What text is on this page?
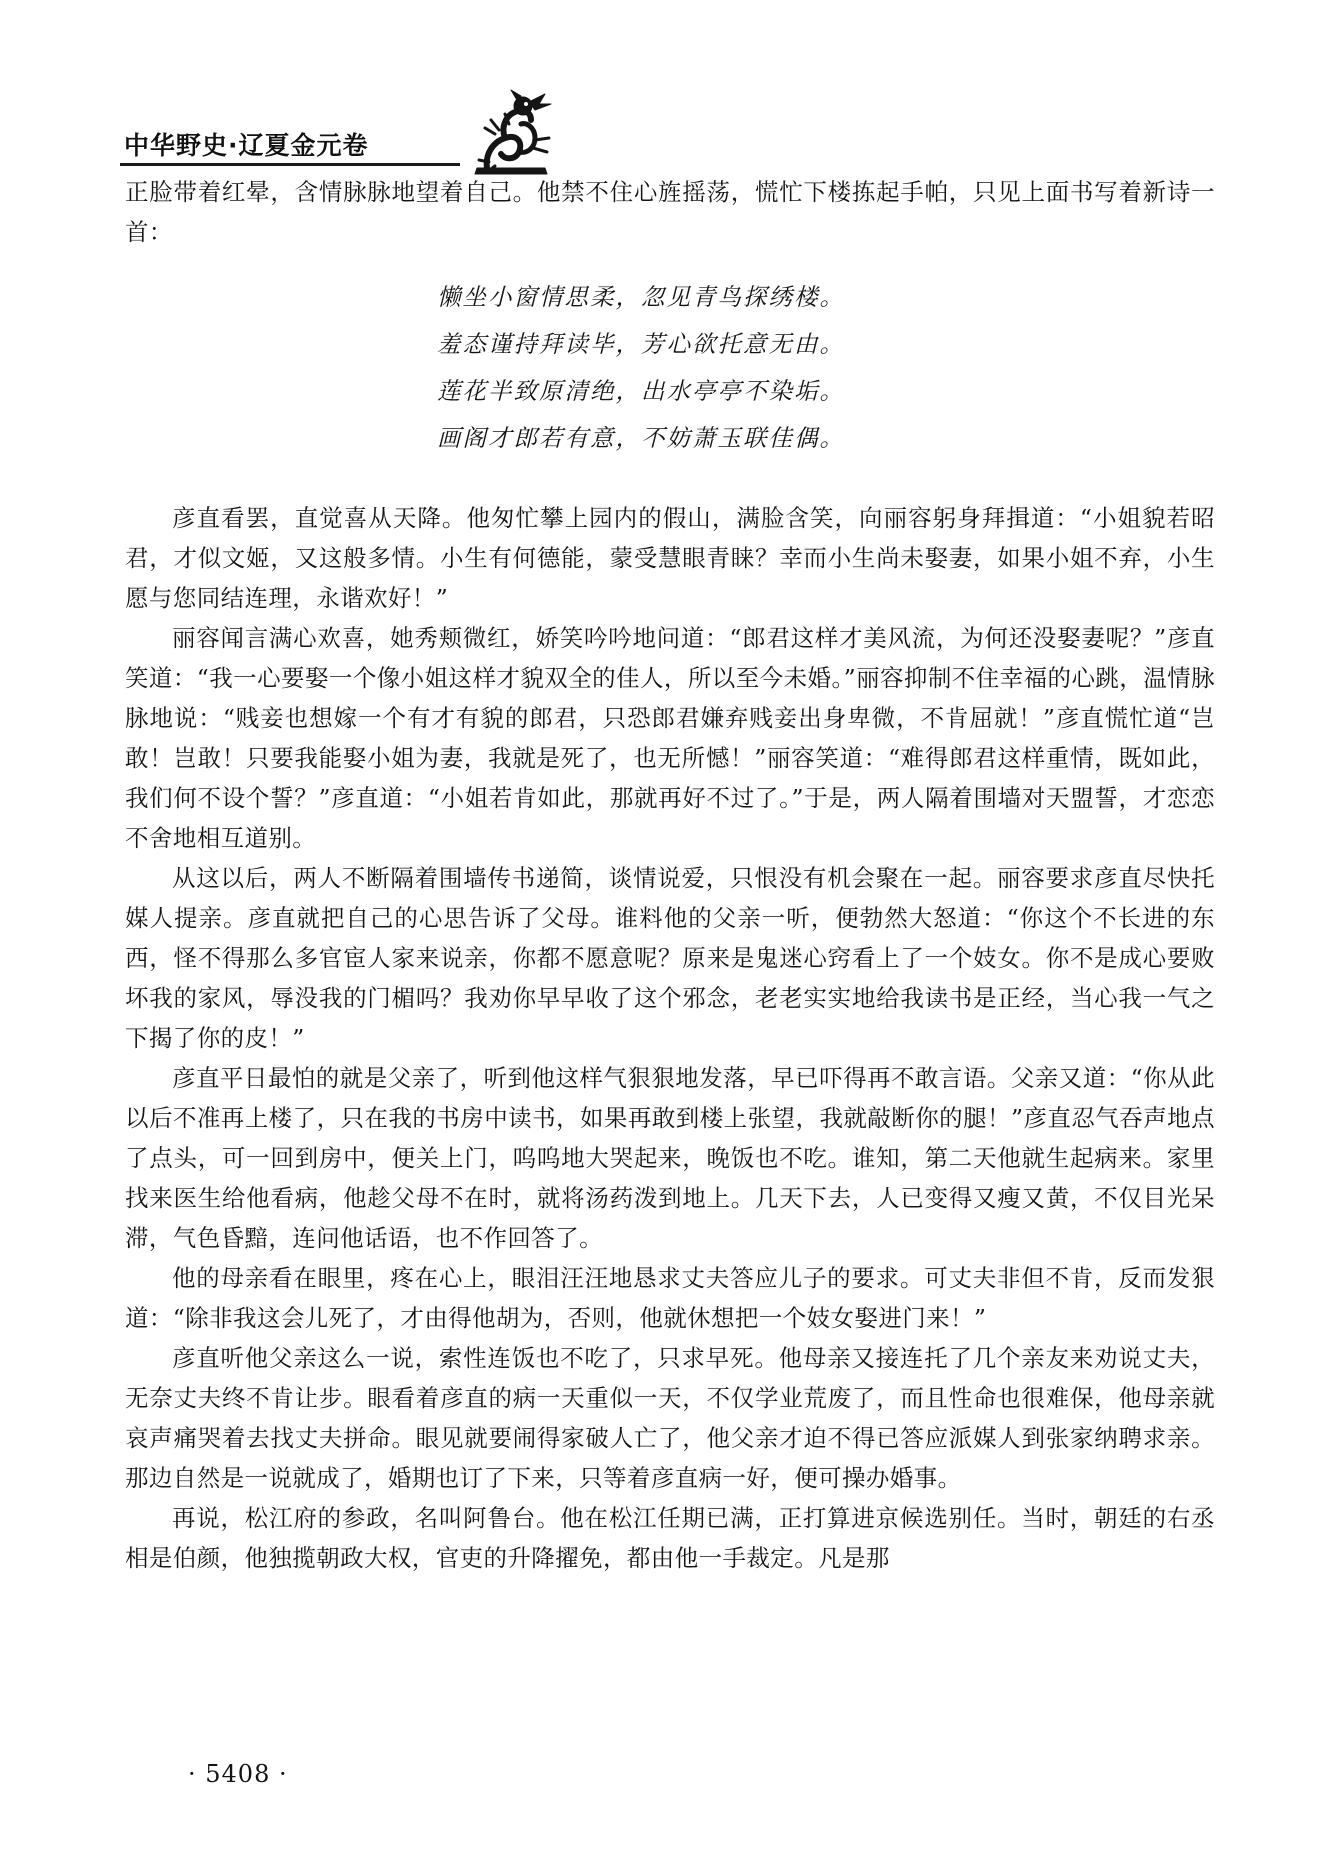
中华野史·辽夏金元卷

正脸带着红晕，含情脉脉地望着自己。他禁不住心旌摇荡，慌忙下楼拣起手帕，只见上面书写着新诗一首：

懒坐小窗情思柔，忽见青鸟探绣楼。
羞态谨持拜读毕，芳心欲托意无由。
莲花半致原清绝，出水亭亭不染垢。
画阁才郎若有意，不妨萧玉联佳偶。

彦直看罢，直觉喜从天降。他匆忙攀上园内的假山，满脸含笑，向丽容躬身拜揖道：“小姐貌若昭君，才似文姬，又这般多情。小生有何德能，蒙受慧眼青睐？幸而小生尚未娶妻，如果小姐不弃，小生愿与您同结连理，永谐欢好！”

丽容闻言满心欢喜，她秀颊微红，娇笑吟吟地问道：“郎君这样才美风流，为何还没娶妻呢？”彦直笑道：“我一心要娶一个像小姐这样才貌双全的佳人，所以至今未婚。”丽容抑制不住幸福的心跳，温情脉脉地说：“贱妾也想嫁一个有才有貌的郎君，只恐郎君嫌弃贱妾出身卑微，不肯屈就！”彦直慌忙道“岂敢！岂敢！只要我能娶小姐为妻，我就是死了，也无所憾！”丽容笑道：“难得郎君这样重情，既如此，我们何不设个誓？”彦直道：“小姐若肯如此，那就再好不过了。”于是，两人隔着围墙对天盟誓，才恋恋不舍地相互道别。

从这以后，两人不断隔着围墙传书递简，谈情说爱，只恨没有机会聚在一起。丽容要求彦直尽快托媒人提亲。彦直就把自己的心思告诉了父母。谁料他的父亲一听，便勃然大怒道：“你这个不长进的东西，怪不得那么多官宦人家来说亲，你都不愿意呢？原来是鬼迷心窍看上了一个妓女。你不是成心要败坏我的家风，辱没我的门楣吗？我劝你早早收了这个邪念，老老实实地给我读书是正经，当心我一气之下揭了你的皮！”

彦直平日最怕的就是父亲了，听到他这样气狠狠地发落，早已吓得再不敢言语。父亲又道：“你从此以后不准再上楼了，只在我的书房中读书，如果再敢到楼上张望，我就敲断你的腿！”彦直忍气吞声地点了点头，可一回到房中，便关上门，呜呜地大哭起来，晚饭也不吃。谁知，第二天他就生起病来。家里找来医生给他看病，他趁父母不在时，就将汤药泼到地上。几天下去，人已变得又瘦又黄，不仅目光呆滞，气色昏黯，连问他话语，也不作回答了。

他的母亲看在眼里，疼在心上，眼泪汪汪地恳求丈夫答应儿子的要求。可丈夫非但不肯，反而发狠道：“除非我这会儿死了，才由得他胡为，否则，他就休想把一个妓女娶进门来！”

彦直听他父亲这么一说，索性连饭也不吃了，只求早死。他母亲又接连托了几个亲友来劝说丈夫，无奈丈夫终不肯让步。眼看着彦直的病一天重似一天，不仅学业荒废了，而且性命也很难保，他母亲就哀声痛哭着去找丈夫拼命。眼见就要闹得家破人亡了，他父亲才迫不得已答应派媒人到张家纳聘求亲。那边自然是一说就成了，婚期也订了下来，只等着彦直病一好，便可操办婚事。

再说，松江府的参政，名叫阿鲁台。他在松江任期已满，正打算进京候选别任。当时，朝廷的右丞相是伯颜，他独揽朝政大权，官吏的升降擢免，都由他一手裁定。凡是那

· 5408 ·
